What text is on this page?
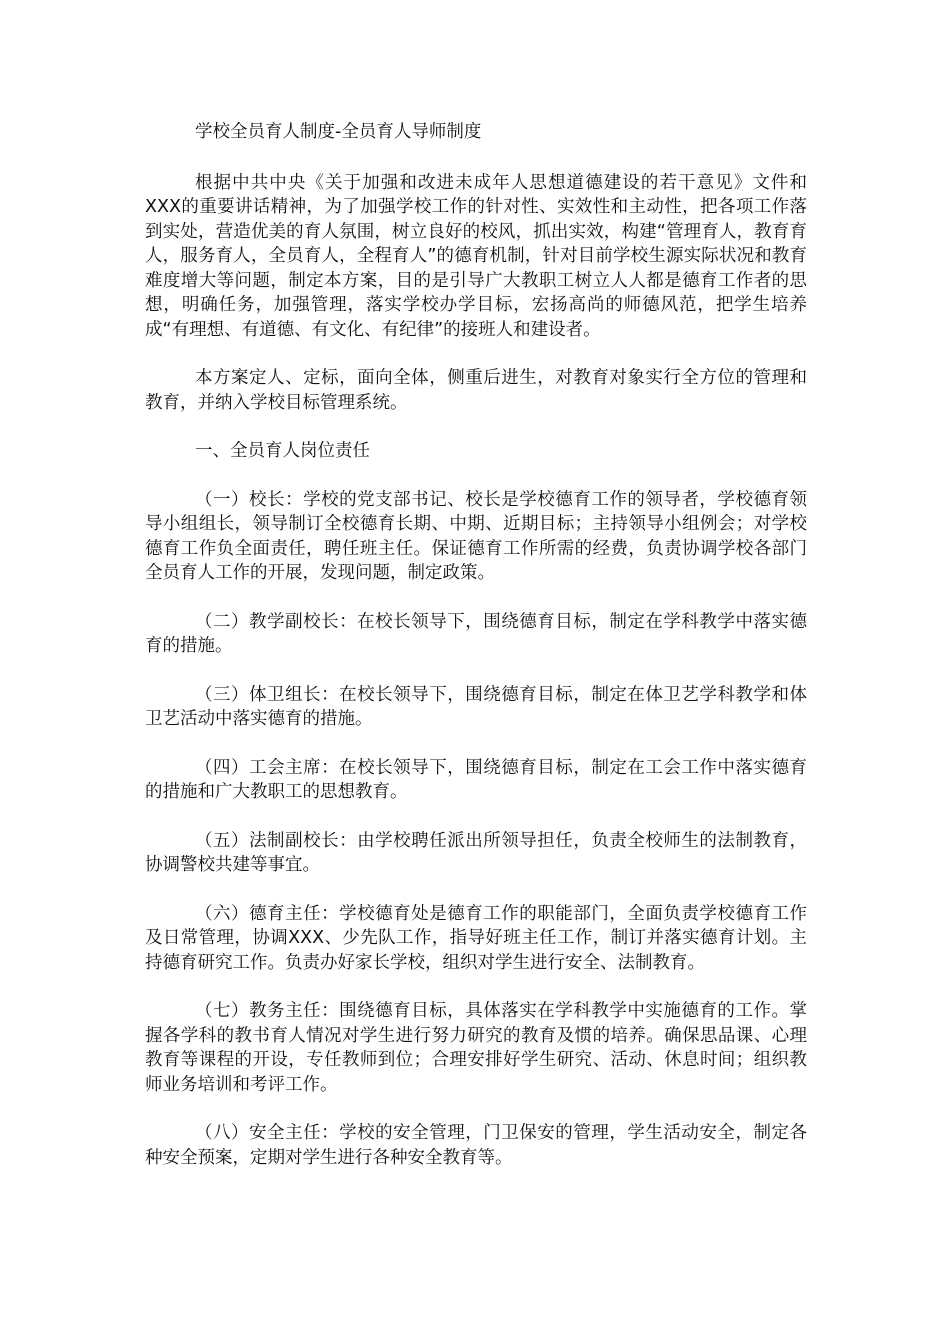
学校全员育人制度-全员育人导师制度

根据中共中央《关于加强和改进未成年人思想道德建设的若干意见》文件和XXX的重要讲话精神，为了加强学校工作的针对性、实效性和主动性，把各项工作落到实处，营造优美的育人氛围，树立良好的校风，抓出实效，构建“管理育人，教育育人，服务育人，全员育人，全程育人”的德育机制，针对目前学校生源实际状况和教育难度增大等问题，制定本方案，目的是引导广大教职工树立人人都是德育工作者的思想，明确任务，加强管理，落实学校办学目标，宏扬高尚的师德风范，把学生培养成“有理想、有道德、有文化、有纪律”的接班人和建设者。

本方案定人、定标，面向全体，侧重后进生，对教育对象实行全方位的管理和教育，并纳入学校目标管理系统。

一、全员育人岗位责任

（一）校长：学校的党支部书记、校长是学校德育工作的领导者，学校德育领导小组组长，领导制订全校德育长期、中期、近期目标；主持领导小组例会；对学校德育工作负全面责任，聘任班主任。保证德育工作所需的经费，负责协调学校各部门全员育人工作的开展，发现问题，制定政策。

（二）教学副校长：在校长领导下，围绕德育目标，制定在学科教学中落实德育的措施。

（三）体卫组长：在校长领导下，围绕德育目标，制定在体卫艺学科教学和体卫艺活动中落实德育的措施。

（四）工会主席：在校长领导下，围绕德育目标，制定在工会工作中落实德育的措施和广大教职工的思想教育。

（五）法制副校长：由学校聘任派出所领导担任，负责全校师生的法制教育，协调警校共建等事宜。

（六）德育主任：学校德育处是德育工作的职能部门，全面负责学校德育工作及日常管理，协调XXX、少先队工作，指导好班主任工作，制订并落实德育计划。主持德育研究工作。负责办好家长学校，组织对学生进行安全、法制教育。

（七）教务主任：围绕德育目标，具体落实在学科教学中实施德育的工作。掌握各学科的教书育人情况对学生进行努力研究的教育及惯的培养。确保思品课、心理教育等课程的开设，专任教师到位；合理安排好学生研究、活动、休息时间；组织教师业务培训和考评工作。

（八）安全主任：学校的安全管理，门卫保安的管理，学生活动安全，制定各种安全预案，定期对学生进行各种安全教育等。
